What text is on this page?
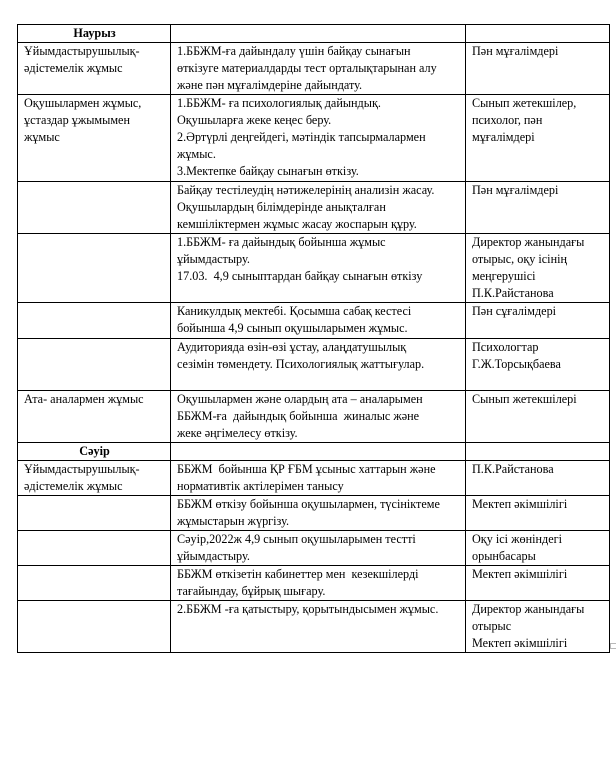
Наурыз		

Ұйымдастырушылық-
әдістемелік жұмыс	1.ББЖМ-ға дайындалу үшін байқау сынағын
өткізуге материалдарды тест орталықтарынан алу
және пән мұғалімдеріне дайындату.	Пән мұғалімдері

Оқушылармен жұмыс,
ұстаздар ұжымымен
жұмыс	1.ББЖМ- ға психологиялық дайындық.
Оқушыларға жеке кеңес беру.
2.Әртүрлі деңгейдегі, мәтіндік тапсырмалармен
жұмыс.
3.Мектепке байқау сынағын өткізу.	Сынып жетекшілер,
психолог, пән
мұғалімдері

	Байқау тестілеудің нәтижелерінің анализін жасау.
Оқушылардың білімдерінде анықталған
кемшіліктермен жұмыс жасау жоспарын құру.	Пән мұғалімдері

	1.ББЖМ- ға дайындық бойынша жұмыс
ұйымдастыру.
17.03.  4,9 сыныптардан байқау сынағын өткізу	Директор жанындағы
отырыс, оқу ісінің
меңгерушісі
П.К.Райстанова

	Каникулдық мектебі. Қосымша сабақ кестесі
бойынша 4,9 сынып оқушыларымен жұмыс.	Пән сұғалімдері

	Аудиторияда өзін-өзі ұстау, алаңдатушылық
сезімін төмендету. Психологиялық жаттығулар.	Психологтар
Г.Ж.Торсықбаева

Ата- аналармен жұмыс	Оқушылармен және олардың ата – аналарымен
ББЖМ-ға  дайындық бойынша  жиналыс және
жеке әңгімелесу өткізу.	Сынып жетекшілері

Сәуір		

Ұйымдастырушылық-
әдістемелік жұмыс	ББЖМ  бойынша ҚР ҒБМ ұсыныс хаттарын және
нормативтік актілерімен танысу	П.К.Райстанова

	ББЖМ өткізу бойынша оқушылармен, түсініктеме
жұмыстарын жүргізу.	Мектеп әкімшілігі

	Сәуір,2022ж 4,9 сынып оқушыларымен тестті
ұйымдастыру.	Оқу ісі жөніндегі
орынбасары

	ББЖМ өткізетін кабинеттер мен  кезекшілерді
тағайындау, бұйрық шығару.	Мектеп әкімшілігі

	2.ББЖМ -ға қатыстыру, қорытындысымен жұмыс.	Директор жанындағы
отырыс
Мектеп әкімшілігі
